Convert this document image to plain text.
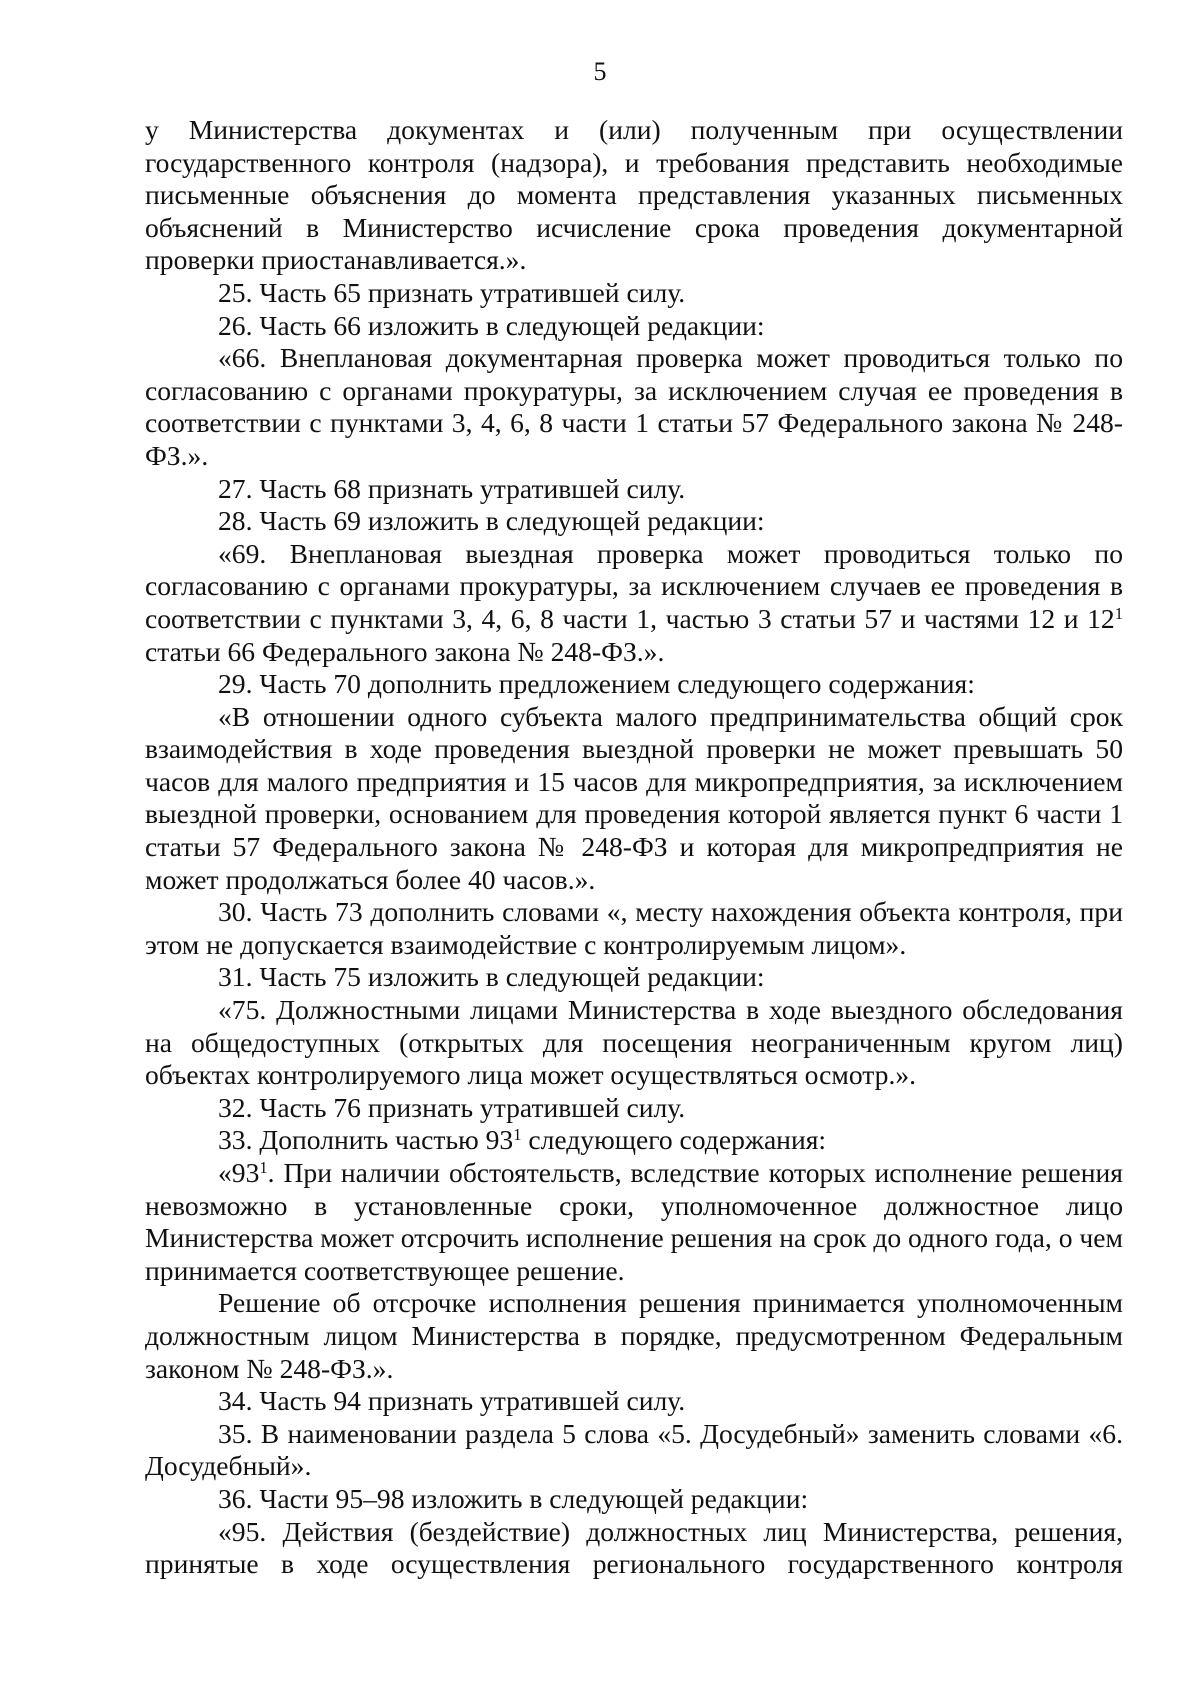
5

у Министерства документах и (или) полученным при осуществлении государственного контроля (надзора), и требования представить необходимые письменные объяснения до момента представления указанных письменных объяснений в Министерство исчисление срока проведения документарной проверки приостанавливается.».

25. Часть 65 признать утратившей силу.

26. Часть 66 изложить в следующей редакции:

«66. Внеплановая документарная проверка может проводиться только по согласованию с органами прокуратуры, за исключением случая ее проведения в соответствии с пунктами 3, 4, 6, 8 части 1 статьи 57 Федерального закона № 248-ФЗ.».

27. Часть 68 признать утратившей силу.

28. Часть 69 изложить в следующей редакции:

«69. Внеплановая выездная проверка может проводиться только по согласованию с органами прокуратуры, за исключением случаев ее проведения в соответствии с пунктами 3, 4, 6, 8 части 1, частью 3 статьи 57 и частями 12 и $12^1$ статьи 66 Федерального закона № 248-ФЗ.».

29. Часть 70 дополнить предложением следующего содержания:

«В отношении одного субъекта малого предпринимательства общий срок взаимодействия в ходе проведения выездной проверки не может превышать 50 часов для малого предприятия и 15 часов для микропредприятия, за исключением выездной проверки, основанием для проведения которой является пункт 6 части 1 статьи 57 Федерального закона № 248-ФЗ и которая для микропредприятия не может продолжаться более 40 часов.».

30. Часть 73 дополнить словами «, месту нахождения объекта контроля, при этом не допускается взаимодействие с контролируемым лицом».

31. Часть 75 изложить в следующей редакции:

«75. Должностными лицами Министерства в ходе выездного обследования на общедоступных (открытых для посещения неограниченным кругом лиц) объектах контролируемого лица может осуществляться осмотр.».

32. Часть 76 признать утратившей силу.

33. Дополнить частью $93^1$ следующего содержания:

«$93^1$. При наличии обстоятельств, вследствие которых исполнение решения невозможно в установленные сроки, уполномоченное должностное лицо Министерства может отсрочить исполнение решения на срок до одного года, о чем принимается соответствующее решение.

Решение об отсрочке исполнения решения принимается уполномоченным должностным лицом Министерства в порядке, предусмотренном Федеральным законом № 248-ФЗ.».

34. Часть 94 признать утратившей силу.

35. В наименовании раздела 5 слова «5. Досудебный» заменить словами «6. Досудебный».

36. Части 95–98 изложить в следующей редакции:

«95. Действия (бездействие) должностных лиц Министерства, решения, принятые в ходе осуществления регионального государственного контроля
